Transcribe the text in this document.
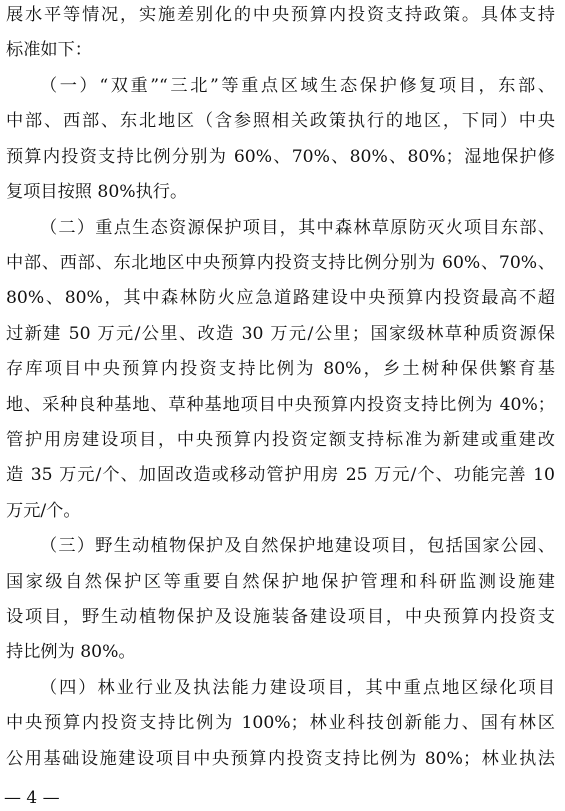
展水平等情况，实施差别化的中央预算内投资支持政策。具体支持
标准如下：
（一）“双重”“三北”等重点区域生态保护修复项目，东部、
中部、西部、东北地区（含参照相关政策执行的地区，下同）中央
预算内投资支持比例分别为 60%、70%、80%、80%；湿地保护修
复项目按照 80%执行。
（二）重点生态资源保护项目，其中森林草原防灭火项目东部、
中部、西部、东北地区中央预算内投资支持比例分别为 60%、70%、
80%、80%，其中森林防火应急道路建设中央预算内投资最高不超
过新建 50 万元/公里、改造 30 万元/公里；国家级林草种质资源保
存库项目中央预算内投资支持比例为 80%，乡土树种保供繁育基
地、采种良种基地、草种基地项目中央预算内投资支持比例为 40%；
管护用房建设项目，中央预算内投资定额支持标准为新建或重建改
造 35 万元/个、加固改造或移动管护用房 25 万元/个、功能完善 10
万元/个。
（三）野生动植物保护及自然保护地建设项目，包括国家公园、
国家级自然保护区等重要自然保护地保护管理和科研监测设施建
设项目，野生动植物保护及设施装备建设项目，中央预算内投资支
持比例为 80%。
（四）林业行业及执法能力建设项目，其中重点地区绿化项目
中央预算内投资支持比例为 100%；林业科技创新能力、国有林区
公用基础设施建设项目中央预算内投资支持比例为 80%；林业执法
— 4 —
